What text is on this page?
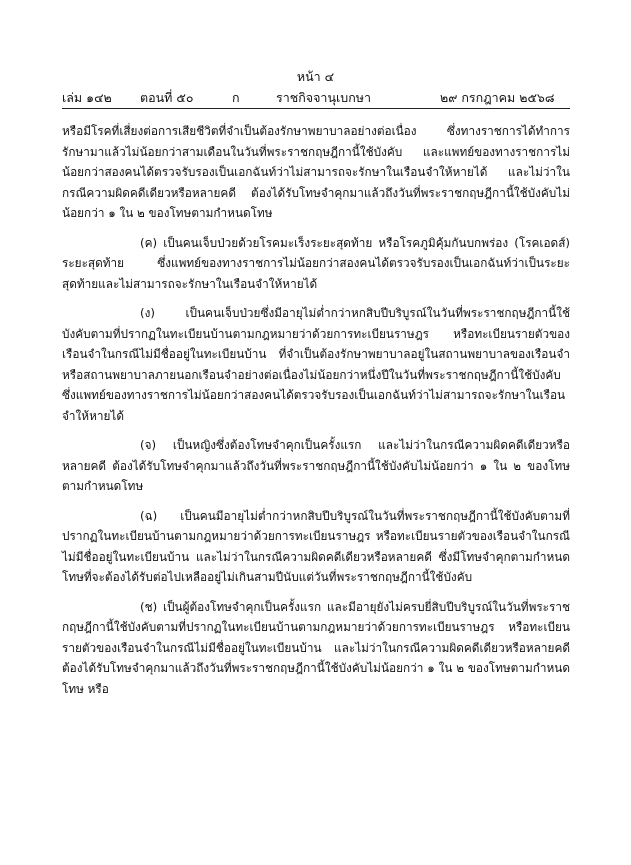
หน้า ๔
เล่ม ๑๔๒ ตอนที่ ๕๐	ก	ราชกิจจานุเบกษา	๒๙ กรกฎาคม ๒๕๖๘

หรือมีโรคที่เสี่ยงต่อการเสียชีวิตที่จำเป็นต้องรักษาพยาบาลอย่างต่อเนื่อง ซึ่งทางราชการได้ทำการรักษามาแล้วไม่น้อยกว่าสามเดือนในวันที่พระราชกฤษฎีกานี้ใช้บังคับ และแพทย์ของทางราชการไม่น้อยกว่าสองคนได้ตรวจรับรองเป็นเอกฉันท์ว่าไม่สามารถจะรักษาในเรือนจำให้หายได้ และไม่ว่าในกรณีความผิดคดีเดียวหรือหลายคดี ต้องได้รับโทษจำคุกมาแล้วถึงวันที่พระราชกฤษฎีกานี้ใช้บังคับไม่น้อยกว่า ๑ ใน ๒ ของโทษตามกำหนดโทษ

(ค) เป็นคนเจ็บป่วยด้วยโรคมะเร็งระยะสุดท้าย หรือโรคภูมิคุ้มกันบกพร่อง (โรคเอดส์) ระยะสุดท้าย ซึ่งแพทย์ของทางราชการไม่น้อยกว่าสองคนได้ตรวจรับรองเป็นเอกฉันท์ว่าเป็นระยะสุดท้ายและไม่สามารถจะรักษาในเรือนจำให้หายได้

(ง) เป็นคนเจ็บป่วยซึ่งมีอายุไม่ต่ำกว่าหกสิบปีบริบูรณ์ในวันที่พระราชกฤษฎีกานี้ใช้บังคับตามที่ปรากฏในทะเบียนบ้านตามกฎหมายว่าด้วยการทะเบียนราษฎร หรือทะเบียนรายตัวของเรือนจำในกรณีไม่มีชื่ออยู่ในทะเบียนบ้าน ที่จำเป็นต้องรักษาพยาบาลอยู่ในสถานพยาบาลของเรือนจำหรือสถานพยาบาลภายนอกเรือนจำอย่างต่อเนื่องไม่น้อยกว่าหนึ่งปีในวันที่พระราชกฤษฎีกานี้ใช้บังคับ ซึ่งแพทย์ของทางราชการไม่น้อยกว่าสองคนได้ตรวจรับรองเป็นเอกฉันท์ว่าไม่สามารถจะรักษาในเรือนจำให้หายได้

(จ) เป็นหญิงซึ่งต้องโทษจำคุกเป็นครั้งแรก และไม่ว่าในกรณีความผิดคดีเดียวหรือหลายคดี ต้องได้รับโทษจำคุกมาแล้วถึงวันที่พระราชกฤษฎีกานี้ใช้บังคับไม่น้อยกว่า ๑ ใน ๒ ของโทษตามกำหนดโทษ

(ฉ) เป็นคนมีอายุไม่ต่ำกว่าหกสิบปีบริบูรณ์ในวันที่พระราชกฤษฎีกานี้ใช้บังคับตามที่ปรากฏในทะเบียนบ้านตามกฎหมายว่าด้วยการทะเบียนราษฎร หรือทะเบียนรายตัวของเรือนจำในกรณีไม่มีชื่ออยู่ในทะเบียนบ้าน และไม่ว่าในกรณีความผิดคดีเดียวหรือหลายคดี ซึ่งมีโทษจำคุกตามกำหนดโทษที่จะต้องได้รับต่อไปเหลืออยู่ไม่เกินสามปีนับแต่วันที่พระราชกฤษฎีกานี้ใช้บังคับ

(ช) เป็นผู้ต้องโทษจำคุกเป็นครั้งแรก และมีอายุยังไม่ครบยี่สิบปีบริบูรณ์ในวันที่พระราชกฤษฎีกานี้ใช้บังคับตามที่ปรากฏในทะเบียนบ้านตามกฎหมายว่าด้วยการทะเบียนราษฎร หรือทะเบียนรายตัวของเรือนจำในกรณีไม่มีชื่ออยู่ในทะเบียนบ้าน และไม่ว่าในกรณีความผิดคดีเดียวหรือหลายคดี ต้องได้รับโทษจำคุกมาแล้วถึงวันที่พระราชกฤษฎีกานี้ใช้บังคับไม่น้อยกว่า ๑ ใน ๒ ของโทษตามกำหนดโทษ หรือ
